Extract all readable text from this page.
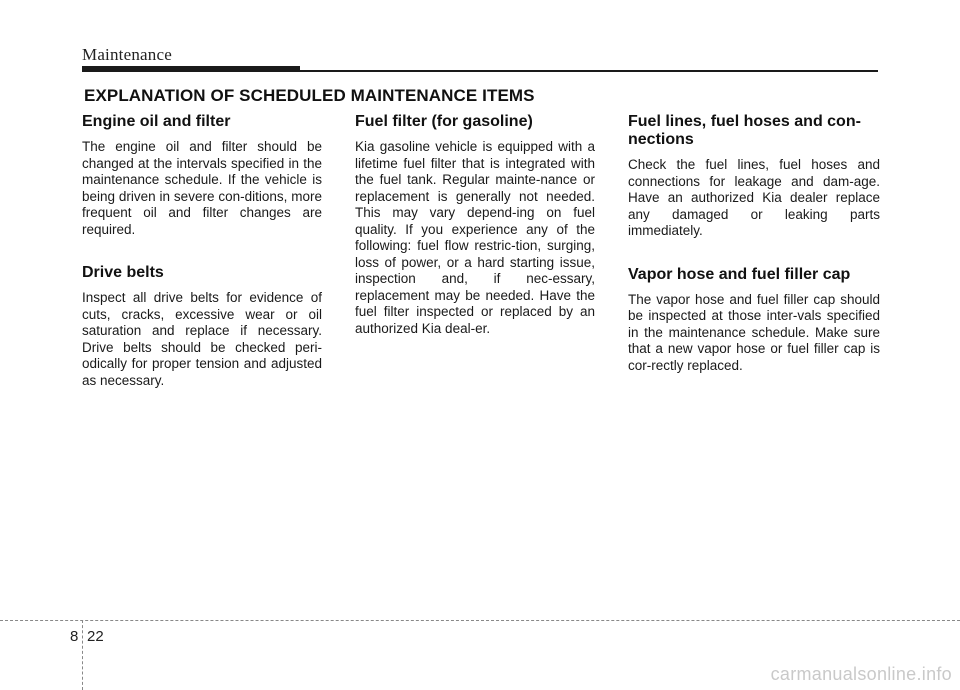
Maintenance
EXPLANATION OF SCHEDULED MAINTENANCE ITEMS
Engine oil and filter

The engine oil and filter should be changed at the intervals specified in the maintenance schedule. If the vehicle is being driven in severe con-ditions, more frequent oil and filter changes are required.

Drive belts

Inspect all drive belts for evidence of cuts, cracks, excessive wear or oil saturation and replace if necessary. Drive belts should be checked peri-odically for proper tension and adjusted as necessary.

Fuel filter (for gasoline)

Kia gasoline vehicle is equipped with a lifetime fuel filter that is integrated with the fuel tank. Regular mainte-nance or replacement is generally not needed. This may vary depend-ing on fuel quality. If you experience any of the following: fuel flow restric-tion, surging, loss of power, or a hard starting issue, inspection and, if nec-essary, replacement may be needed. Have the fuel filter inspected or replaced by an authorized Kia deal-er.

Fuel lines, fuel hoses and con-nections

Check the fuel lines, fuel hoses and connections for leakage and dam-age. Have an authorized Kia dealer replace any damaged or leaking parts immediately.

Vapor hose and fuel filler cap

The vapor hose and fuel filler cap should be inspected at those inter-vals specified in the maintenance schedule. Make sure that a new vapor hose or fuel filler cap is cor-rectly replaced.

8 22
carmanualsonline.info
